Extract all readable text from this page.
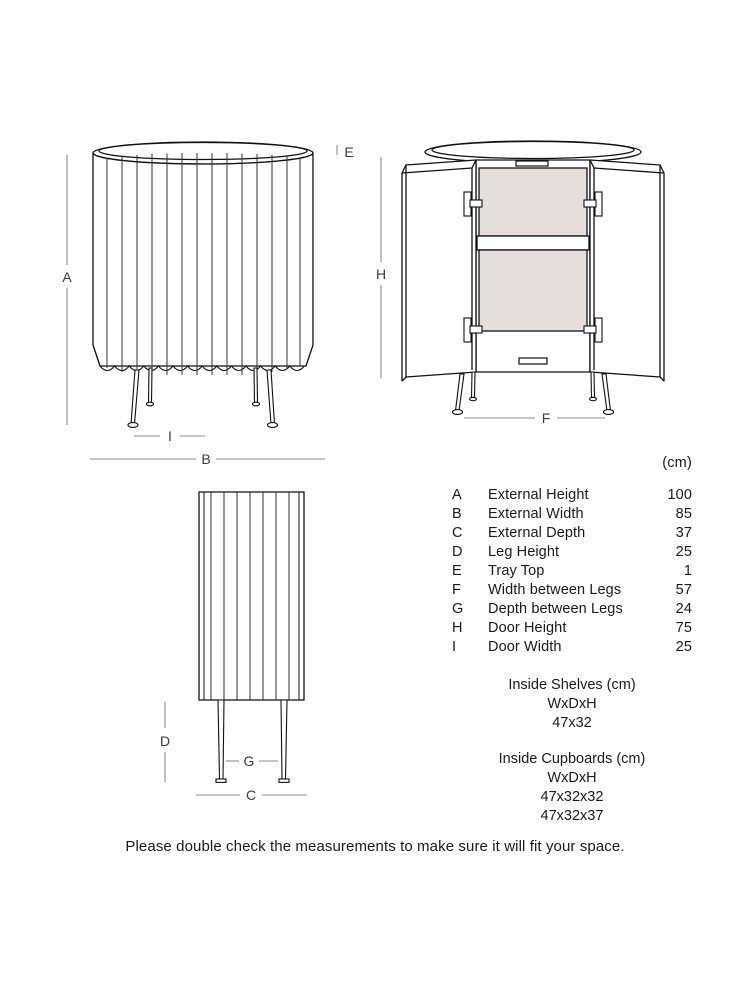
A
E
I
B
H
F
D
G
C
(cm)
A	External Height	100
B	External Width	85
C	External Depth	37
D	Leg Height	25
E	Tray Top	1
F	Width between Legs	57
G	Depth between Legs	24
H	Door Height	75
I	Door Width	25
Inside Shelves (cm)
WxDxH
47x32
Inside Cupboards (cm)
WxDxH
47x32x32
47x32x37
Please double check the measurements to make sure it will fit your space.
